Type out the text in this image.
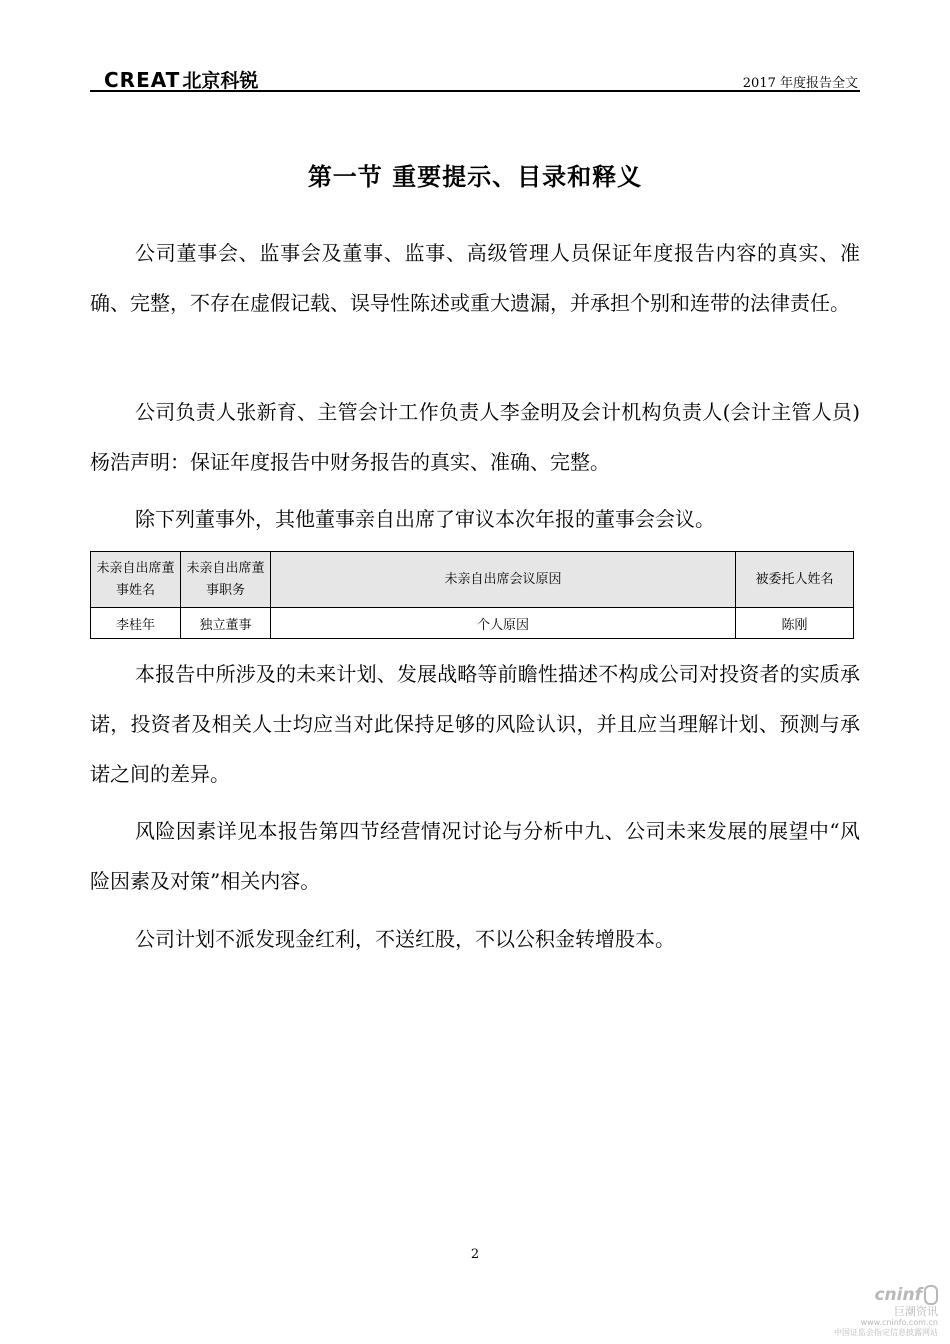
CREAT 北京科锐	2017 年度报告全文
第一节 重要提示、目录和释义

公司董事会、监事会及董事、监事、高级管理人员保证年度报告内容的真实、准确、完整，不存在虚假记载、误导性陈述或重大遗漏，并承担个别和连带的法律责任。

公司负责人张新育、主管会计工作负责人李金明及会计机构负责人(会计主管人员)杨浩声明：保证年度报告中财务报告的真实、准确、完整。

除下列董事外，其他董事亲自出席了审议本次年报的董事会会议。

未亲自出席董事姓名	未亲自出席董事职务	未亲自出席会议原因	被委托人姓名
李桂年	独立董事	个人原因	陈刚

本报告中所涉及的未来计划、发展战略等前瞻性描述不构成公司对投资者的实质承诺，投资者及相关人士均应当对此保持足够的风险认识，并且应当理解计划、预测与承诺之间的差异。

风险因素详见本报告第四节经营情况讨论与分析中九、公司未来发展的展望中“风险因素及对策”相关内容。

公司计划不派发现金红利，不送红股，不以公积金转增股本。

2
cninf
巨潮资讯
www.cninfo.com.cn
中国证监会指定信息披露网站
